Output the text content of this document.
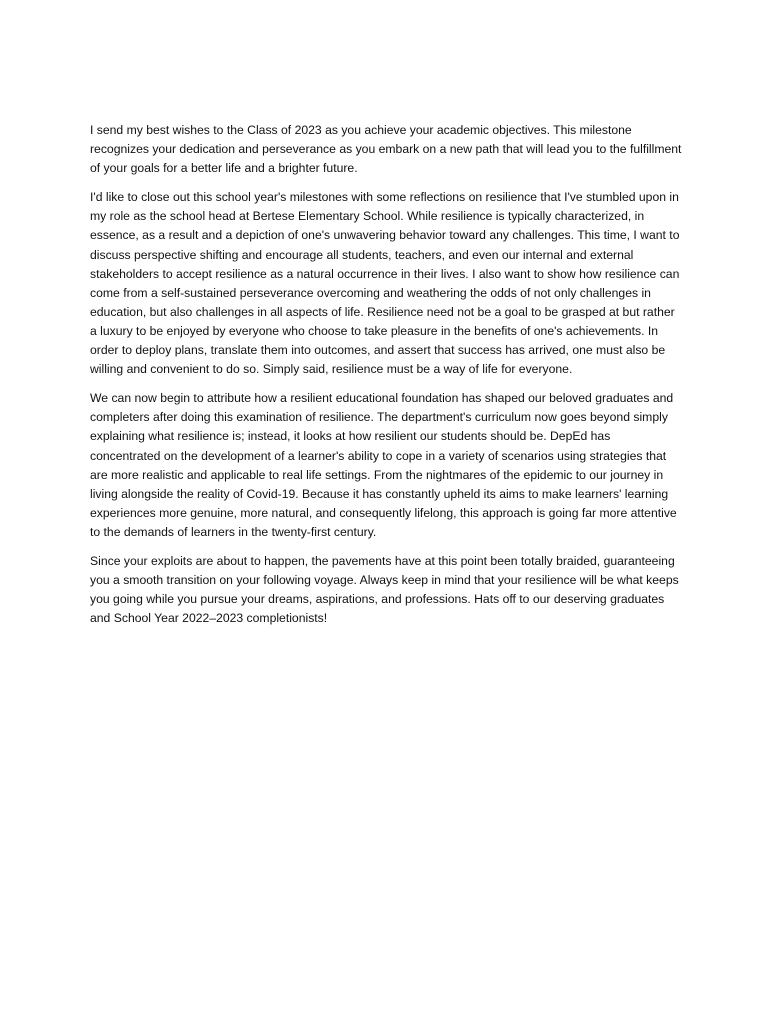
I send my best wishes to the Class of 2023 as you achieve your academic objectives. This milestone recognizes your dedication and perseverance as you embark on a new path that will lead you to the fulfillment of your goals for a better life and a brighter future.

I'd like to close out this school year's milestones with some reflections on resilience that I've stumbled upon in my role as the school head at Bertese Elementary School. While resilience is typically characterized, in essence, as a result and a depiction of one's unwavering behavior toward any challenges. This time, I want to discuss perspective shifting and encourage all students, teachers, and even our internal and external stakeholders to accept resilience as a natural occurrence in their lives. I also want to show how resilience can come from a self-sustained perseverance overcoming and weathering the odds of not only challenges in education, but also challenges in all aspects of life. Resilience need not be a goal to be grasped at but rather a luxury to be enjoyed by everyone who choose to take pleasure in the benefits of one's achievements. In order to deploy plans, translate them into outcomes, and assert that success has arrived, one must also be willing and convenient to do so. Simply said, resilience must be a way of life for everyone.

We can now begin to attribute how a resilient educational foundation has shaped our beloved graduates and completers after doing this examination of resilience. The department's curriculum now goes beyond simply explaining what resilience is; instead, it looks at how resilient our students should be. DepEd has concentrated on the development of a learner's ability to cope in a variety of scenarios using strategies that are more realistic and applicable to real life settings. From the nightmares of the epidemic to our journey in living alongside the reality of Covid-19. Because it has constantly upheld its aims to make learners' learning experiences more genuine, more natural, and consequently lifelong, this approach is going far more attentive to the demands of learners in the twenty-first century.

Since your exploits are about to happen, the pavements have at this point been totally braided, guaranteeing you a smooth transition on your following voyage. Always keep in mind that your resilience will be what keeps you going while you pursue your dreams, aspirations, and professions. Hats off to our deserving graduates and School Year 2022–2023 completionists!
